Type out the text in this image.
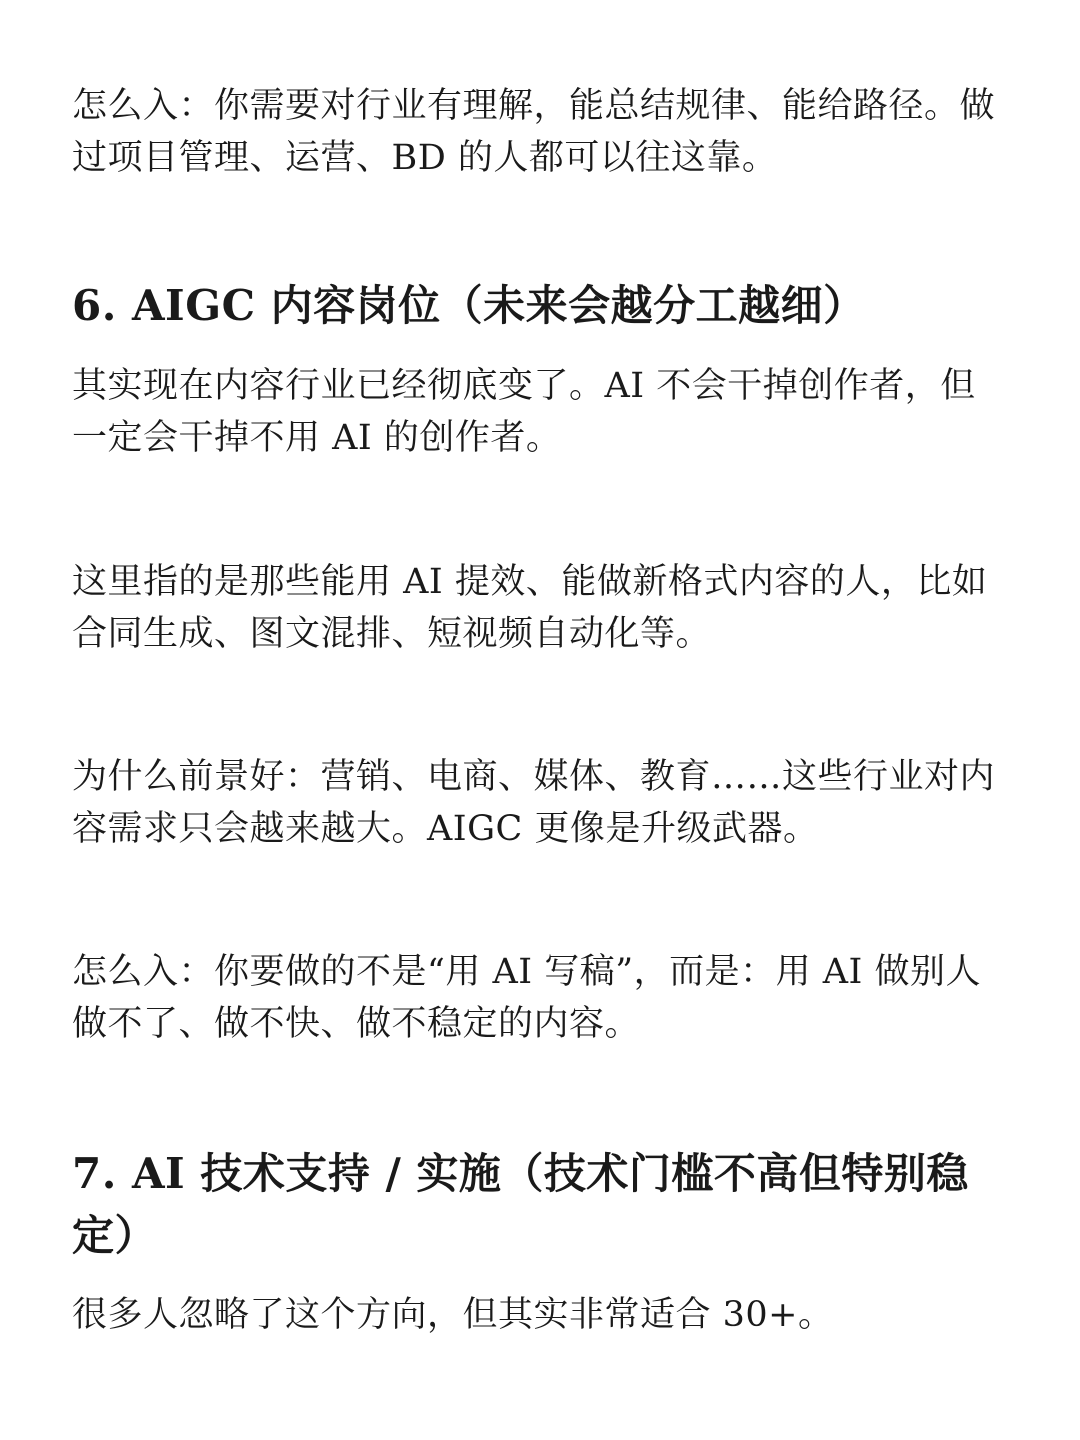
怎么入：你需要对行业有理解，能总结规律、能给路径。做过项目管理、运营、BD 的人都可以往这靠。

6. AIGC 内容岗位（未来会越分工越细）

其实现在内容行业已经彻底变了。AI 不会干掉创作者，但一定会干掉不用 AI 的创作者。

这里指的是那些能用 AI 提效、能做新格式内容的人，比如合同生成、图文混排、短视频自动化等。

为什么前景好：营销、电商、媒体、教育……这些行业对内容需求只会越来越大。AIGC 更像是升级武器。

怎么入：你要做的不是“用 AI 写稿”，而是：用 AI 做别人做不了、做不快、做不稳定的内容。

7. AI 技术支持 / 实施（技术门槛不高但特别稳定）

很多人忽略了这个方向，但其实非常适合 30+。
